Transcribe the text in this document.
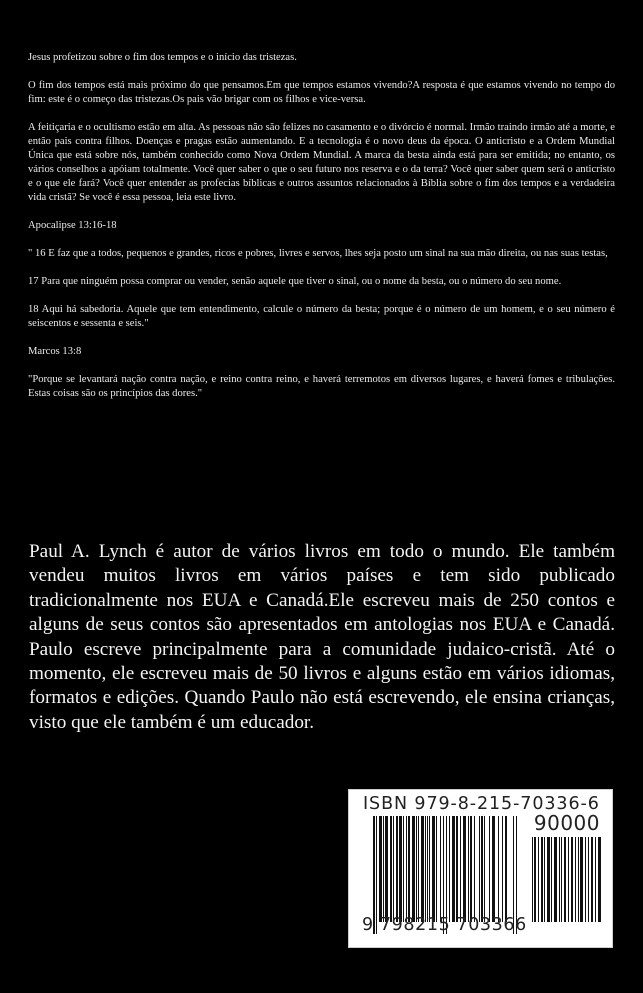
Jesus profetizou sobre o fim dos tempos e o início das tristezas.

O fim dos tempos está mais próximo do que pensamos.Em que tempos estamos vivendo?A resposta é que estamos vivendo no tempo do fim: este é o começo das tristezas.Os pais vão brigar com os filhos e vice-versa.

A feitiçaria e o ocultismo estão em alta. As pessoas não são felizes no casamento e o divórcio é normal. Irmão traindo irmão até a morte, e então pais contra filhos. Doenças e pragas estão aumentando. E a tecnologia é o novo deus da época. O anticristo e a Ordem Mundial Única que está sobre nós, também conhecido como Nova Ordem Mundial. A marca da besta ainda está para ser emitida; no entanto, os vários conselhos a apóiam totalmente. Você quer saber o que o seu futuro nos reserva e o da terra? Você quer saber quem será o anticristo e o que ele fará? Você quer entender as profecias bíblicas e outros assuntos relacionados à Bíblia sobre o fim dos tempos e a verdadeira vida cristã? Se você é essa pessoa, leia este livro.

Apocalipse 13:16-18

" 16 E faz que a todos, pequenos e grandes, ricos e pobres, livres e servos, lhes seja posto um sinal na sua mão direita, ou nas suas testas,

17 Para que ninguém possa comprar ou vender, senão aquele que tiver o sinal, ou o nome da besta, ou o número do seu nome.

18 Aqui há sabedoria. Aquele que tem entendimento, calcule o número da besta; porque é o número de um homem, e o seu número é seiscentos e sessenta e seis."

Marcos 13:8

"Porque se levantará nação contra nação, e reino contra reino, e haverá terremotos em diversos lugares, e haverá fomes e tribulações. Estas coisas são os princípios das dores."

Paul A. Lynch é autor de vários livros em todo o mundo. Ele também vendeu muitos livros em vários países e tem sido publicado tradicionalmente nos EUA e Canadá.Ele escreveu mais de 250 contos e alguns de seus contos são apresentados em antologias nos EUA e Canadá. Paulo escreve principalmente para a comunidade judaico-cristã. Até o momento, ele escreveu mais de 50 livros e alguns estão em vários idiomas, formatos e edições. Quando Paulo não está escrevendo, ele ensina crianças, visto que ele também é um educador.
ISBN 979-8-215-70336-6
90000
9 798215 703366
